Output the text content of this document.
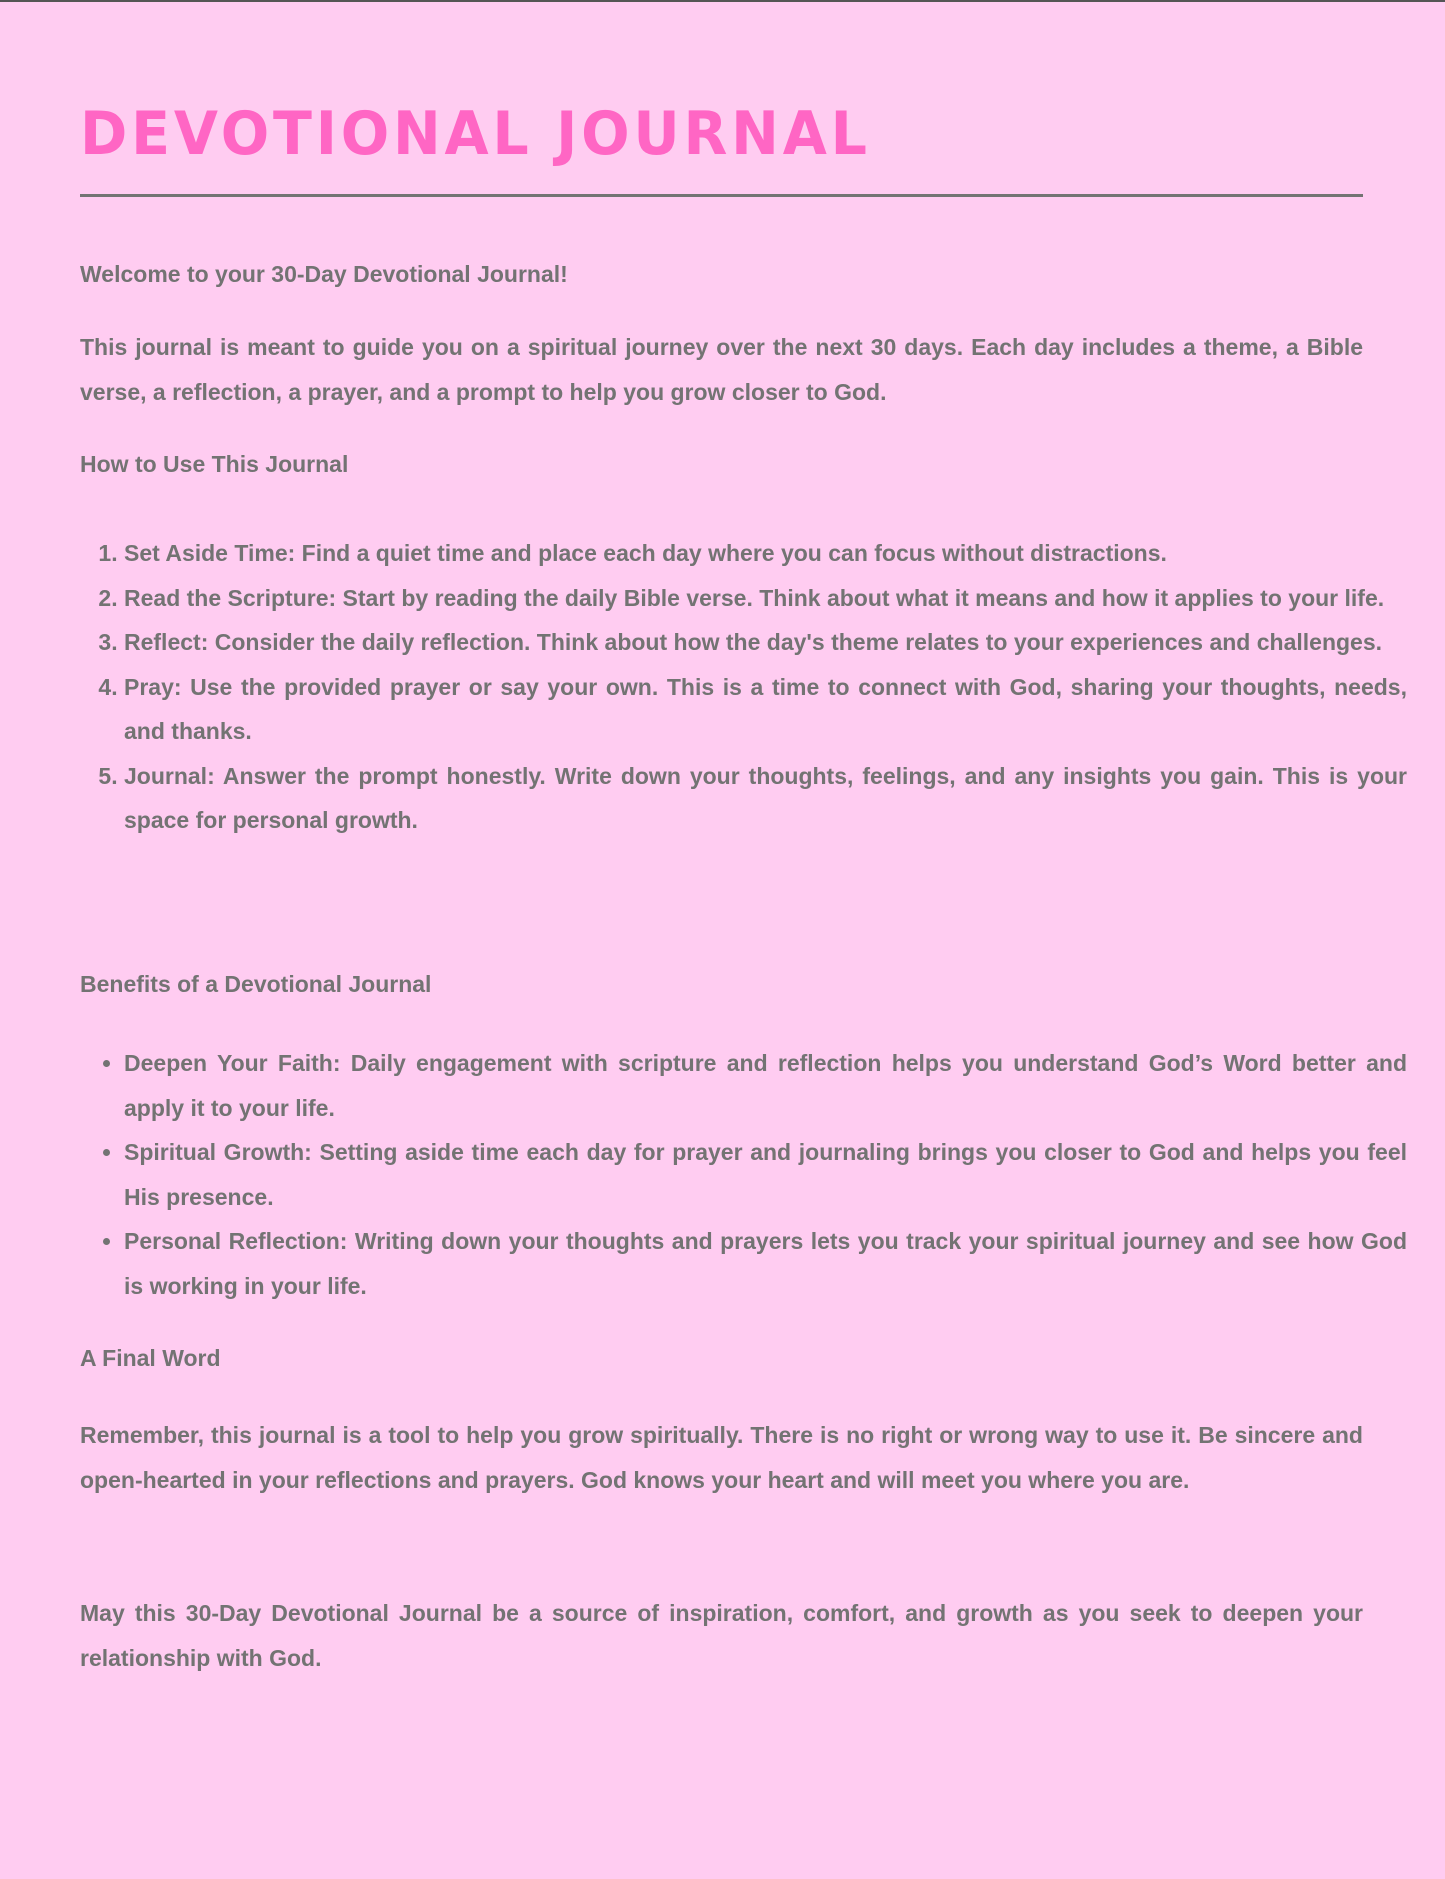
DEVOTIONAL JOURNAL

Welcome to your 30-Day Devotional Journal!

This journal is meant to guide you on a spiritual journey over the next 30 days. Each day includes a theme, a Bible verse, a reflection, a prayer, and a prompt to help you grow closer to God.

How to Use This Journal

1. Set Aside Time: Find a quiet time and place each day where you can focus without distractions.
2. Read the Scripture: Start by reading the daily Bible verse. Think about what it means and how it applies to your life.
3. Reflect: Consider the daily reflection. Think about how the day's theme relates to your experiences and challenges.
4. Pray: Use the provided prayer or say your own. This is a time to connect with God, sharing your thoughts, needs, and thanks.
5. Journal: Answer the prompt honestly. Write down your thoughts, feelings, and any insights you gain. This is your space for personal growth.

Benefits of a Devotional Journal

• Deepen Your Faith: Daily engagement with scripture and reflection helps you understand God’s Word better and apply it to your life.
• Spiritual Growth: Setting aside time each day for prayer and journaling brings you closer to God and helps you feel His presence.
• Personal Reflection: Writing down your thoughts and prayers lets you track your spiritual journey and see how God is working in your life.

A Final Word

Remember, this journal is a tool to help you grow spiritually. There is no right or wrong way to use it. Be sincere and open-hearted in your reflections and prayers. God knows your heart and will meet you where you are.

May this 30-Day Devotional Journal be a source of inspiration, comfort, and growth as you seek to deepen your relationship with God.
